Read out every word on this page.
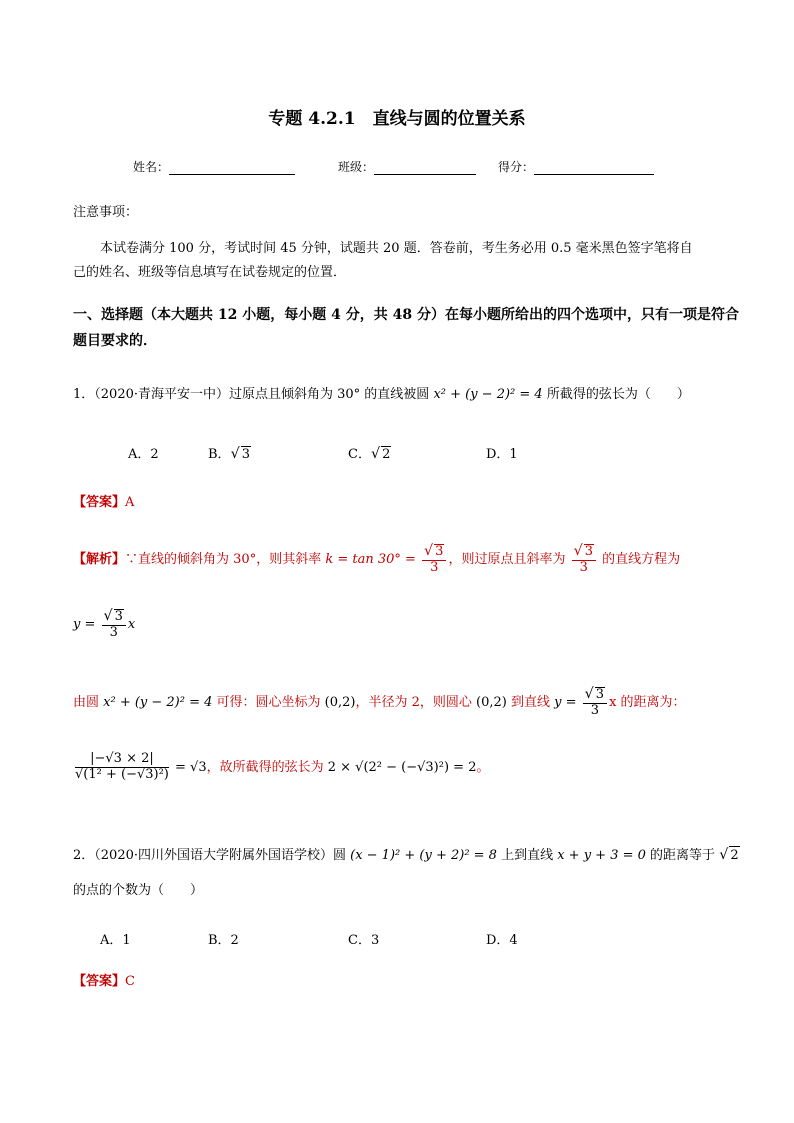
专题 4.2.1　直线与圆的位置关系
姓名：	班级：	得分：
注意事项：
本试卷满分 100 分，考试时间 45 分钟，试题共 20 题．答卷前，考生务必用 0.5 毫米黑色签字笔将自
己的姓名、班级等信息填写在试卷规定的位置．
一、选择题（本大题共 12 小题，每小题 4 分，共 48 分）在每小题所给出的四个选项中，只有一项是符合
题目要求的．
1．（2020·青海平安一中）过原点且倾斜角为 30° 的直线被圆 x² + (y − 2)² = 4 所截得的弦长为（　　）
A．2	B．√ 3	C．√ 2	D．1
【答案】A
【解析】∵直线的倾斜角为 30°，则其斜率 $k = \tan 30^\circ = \frac{√ 3}{3}$ ，则过原点且斜率为 $\frac{√ 3}{3}$ 的直线方程为
$y = \frac{√ 3}{3}$ x
由圆 x² + (y − 2)² = 4 可得：圆心坐标为 (0,2)，半径为 2，则圆心 (0,2) 到直线 $y = \frac{√ 3}{3}$ x 的距离为：
$\frac{|-√3 \times 2|}{\text{√(1² + (−√3)²)}} = √3$，故所截得的弦长为 2 × √(2² − (−√3)²) = 2。
2．（2020·四川外国语大学附属外国语学校）圆 (x − 1)² + (y + 2)² = 8 上到直线 x + y + 3 = 0 的距离等于 √ 2
的点的个数为（　　）
A．1	B．2	C．3	D．4
【答案】C
